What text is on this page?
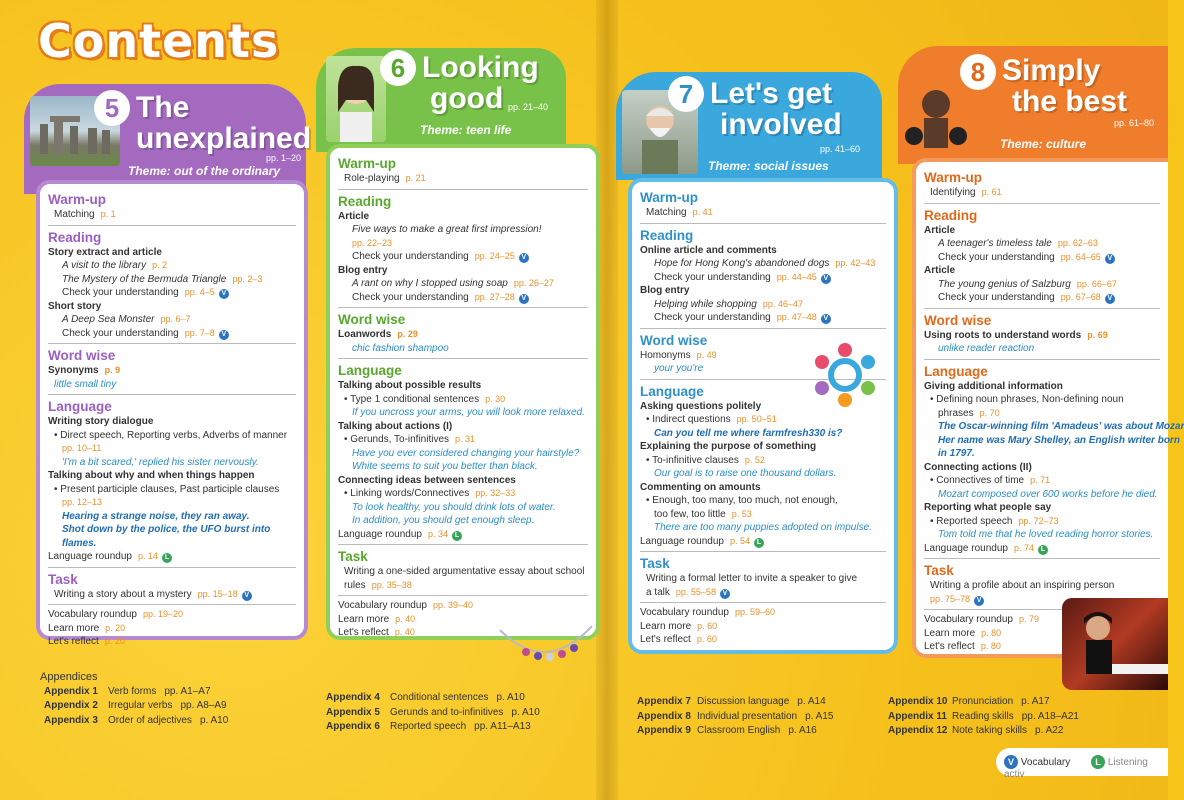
Contents
5 The
unexplained
pp. 1–20
Theme: out of the ordinary
Warm-up
Matching p. 1
Reading
Story extract and article
A visit to the library p. 2
The Mystery of the Bermuda Triangle pp. 2–3
Check your understanding pp. 4–5 V
Short story
A Deep Sea Monster pp. 6–7
Check your understanding pp. 7–8 V
Word wise
Synonyms p. 9
little small tiny
Language
Writing story dialogue
• Direct speech, Reporting verbs, Adverbs of manner
pp. 10–11
'I'm a bit scared,' replied his sister nervously.
Talking about why and when things happen
• Present participle clauses, Past participle clauses
pp. 12–13
Hearing a strange noise, they ran away.
Shot down by the police, the UFO burst into flames.
Language roundup p. 14 L
Task
Writing a story about a mystery pp. 15–18 V
Vocabulary roundup pp. 19–20
Learn more p. 20
Let's reflect p. 20
6 Looking
good pp. 21–40
Theme: teen life
Warm-up
Role-playing p. 21
Reading
Article
Five ways to make a great first impression!
pp. 22–23
Check your understanding pp. 24–25 V
Blog entry
A rant on why I stopped using soap pp. 26–27
Check your understanding pp. 27–28 V
Word wise
Loanwords p. 29
chic fashion shampoo
Language
Talking about possible results
• Type 1 conditional sentences p. 30
If you uncross your arms, you will look more relaxed.
Talking about actions (I)
• Gerunds, To-infinitives p. 31
Have you ever considered changing your hairstyle?
White seems to suit you better than black.
Connecting ideas between sentences
• Linking words/Connectives pp. 32–33
To look healthy, you should drink lots of water.
In addition, you should get enough sleep.
Language roundup p. 34 L
Task
Writing a one-sided argumentative essay about school rules pp. 35–38
Vocabulary roundup pp. 39–40
Learn more p. 40
Let's reflect p. 40
7 Let's get
involved
pp. 41–60
Theme: social issues
Warm-up
Matching p. 41
Reading
Online article and comments
Hope for Hong Kong's abandoned dogs pp. 42–43
Check your understanding pp. 44–45 V
Blog entry
Helping while shopping pp. 46–47
Check your understanding pp. 47–48 V
Word wise
Homonyms p. 49
your you're
Language
Asking questions politely
• Indirect questions pp. 50–51
Can you tell me where farmfresh330 is?
Explaining the purpose of something
• To-infinitive clauses p. 52
Our goal is to raise one thousand dollars.
Commenting on amounts
• Enough, too many, too much, not enough,
too few, too little p. 53
There are too many puppies adopted on impulse.
Language roundup p. 54 L
Task
Writing a formal letter to invite a speaker to give
a talk pp. 55–58 V
Vocabulary roundup pp. 59–60
Learn more p. 60
Let's reflect p. 60
8 Simply
the best
pp. 61–80
Theme: culture
Warm-up
Identifying p. 61
Reading
Article
A teenager's timeless tale pp. 62–63
Check your understanding pp. 64–65 V
Article
The young genius of Salzburg pp. 66–67
Check your understanding pp. 67–68 V
Word wise
Using roots to understand words p. 69
unlike reader reaction
Language
Giving additional information
• Defining noun phrases, Non-defining noun
phrases p. 70
The Oscar-winning film 'Amadeus' was about Mozar
Her name was Mary Shelley, an English writer born
in 1797.
Connecting actions (II)
• Connectives of time p. 71
Mozart composed over 600 works before he died.
Reporting what people say
• Reported speech pp. 72–73
Tom told me that he loved reading horror stories.
Language roundup p. 74 L
Task
Writing a profile about an inspiring person
pp. 75–78 V
Vocabulary roundup p. 79
Learn more p. 80
Let's reflect p. 80
Appendices
Appendix 1 Verb forms pp. A1–A7
Appendix 2 Irregular verbs pp. A8–A9
Appendix 3 Order of adjectives p. A10
Appendix 4 Conditional sentences p. A10
Appendix 5 Gerunds and to-infinitives p. A10
Appendix 6 Reported speech pp. A11–A13
Appendix 7 Discussion language p. A14
Appendix 8 Individual presentation p. A15
Appendix 9 Classroom English p. A16
Appendix 10 Pronunciation p. A17
Appendix 11 Reading skills pp. A18–A21
Appendix 12 Note taking skills p. A22
V Vocabulary	L Listening activ
